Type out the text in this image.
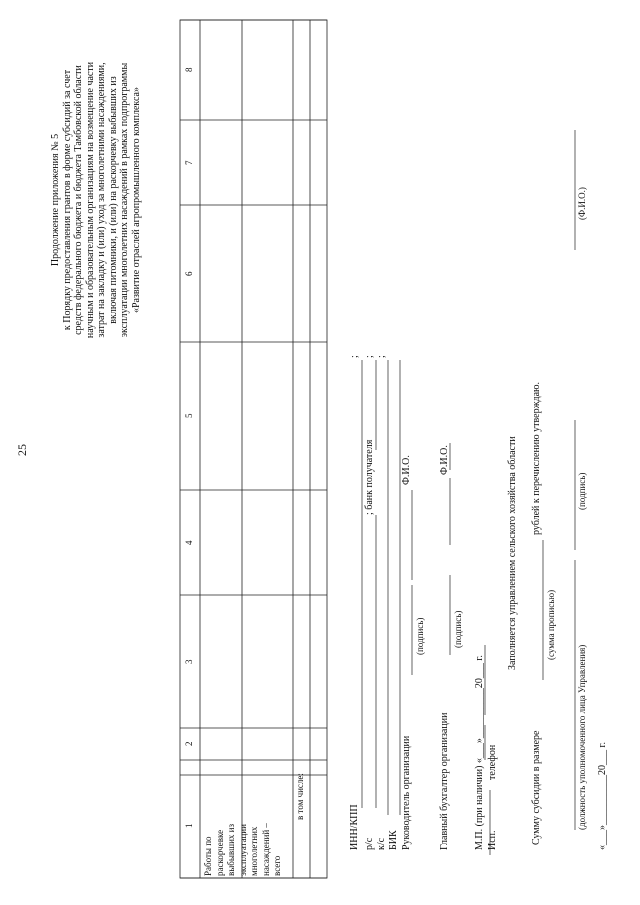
25
Продолжение приложения № 5 к Порядку предоставления грантов в форме субсидий за счет средств федерального бюджета и бюджета Тамбовской области научным и образовательным организациям на возмещение части затрат на закладку и (или) уход за многолетними насаждениями, включая питомники, и (или) на раскорчевку выбывших из эксплуатации многолетних насаждений в рамках подпрограммы «Развитие отраслей агропромышленного комплекса»
1
2
3
4
5
6
7
8
Работы по раскорчевке выбывших из эксплуатации многолетних насаждений – всего
в том числе:
ИНН/КПП
;
р/с
; банк получателя
;
к/с
;
БИК Руководитель организации
Ф.И.О.
(подпись)
Главный бухгалтер организации
Ф.И.О.
(подпись)
М.П. (при наличии) «___»__________20___ г. Исп.
телефон
Заполняется управлением сельского хозяйства области
Сумму субсидии в размере
рублей к перечислению утверждаю.
(сумма прописью)
(должность уполномоченного лица Управления)
(подпись)
(Ф.И.О.)
«___»__________20___ г.
